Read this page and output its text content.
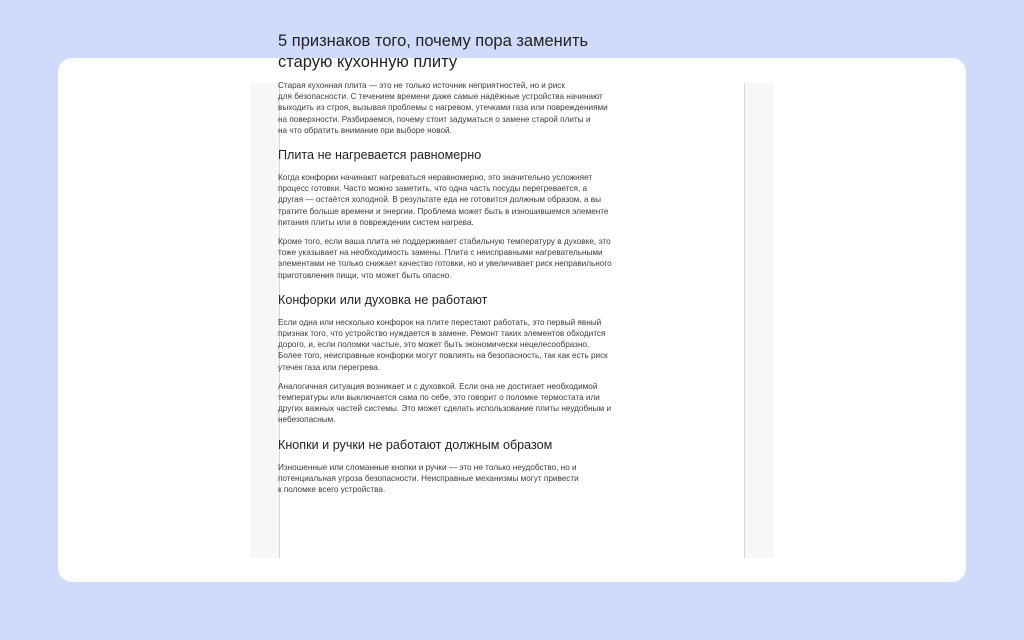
5 признаков того, почему пора заменить старую кухонную плиту

Старая кухонная плита — это не только источник неприятностей, но и риск
для безопасности. С течением времени даже самые надёжные устройства начинают
выходить из строя, вызывая проблемы с нагревом, утечками газа или повреждениями
на поверхности. Разбираемся, почему стоит задуматься о замене старой плиты и
на что обратить внимание при выборе новой.

Плита не нагревается равномерно

Когда конфорки начинают нагреваться неравномерно, это значительно усложняет
процесс готовки. Часто можно заметить, что одна часть посуды перегревается, а
другая — остаётся холодной. В результате еда не готовится должным образом, а вы
тратите больше времени и энергии. Проблема может быть в изношившемся элементе
питания плиты или в повреждении систем нагрева.

Кроме того, если ваша плита не поддерживает стабильную температуру в духовке, это
тоже указывает на необходимость замены. Плита с неисправными нагревательными
элементами не только снижает качество готовки, но и увеличивает риск неправильного
приготовления пищи, что может быть опасно.

Конфорки или духовка не работают

Если одна или несколько конфорок на плите перестают работать, это первый явный
признак того, что устройство нуждается в замене. Ремонт таких элементов обходится
дорого, и, если поломки частые, это может быть экономически нецелесообразно.
Более того, неисправные конфорки могут повлиять на безопасность, так как есть риск
утечек газа или перегрева.

Аналогичная ситуация возникает и с духовкой. Если она не достигает необходимой
температуры или выключается сама по себе, это говорит о поломке термостата или
других важных частей системы. Это может сделать использование плиты неудобным и
небезопасным.

Кнопки и ручки не работают должным образом

Изношенные или сломанные кнопки и ручки — это не только неудобство, но и
потенциальная угроза безопасности. Неисправные механизмы могут привести
к поломке всего устройства.
